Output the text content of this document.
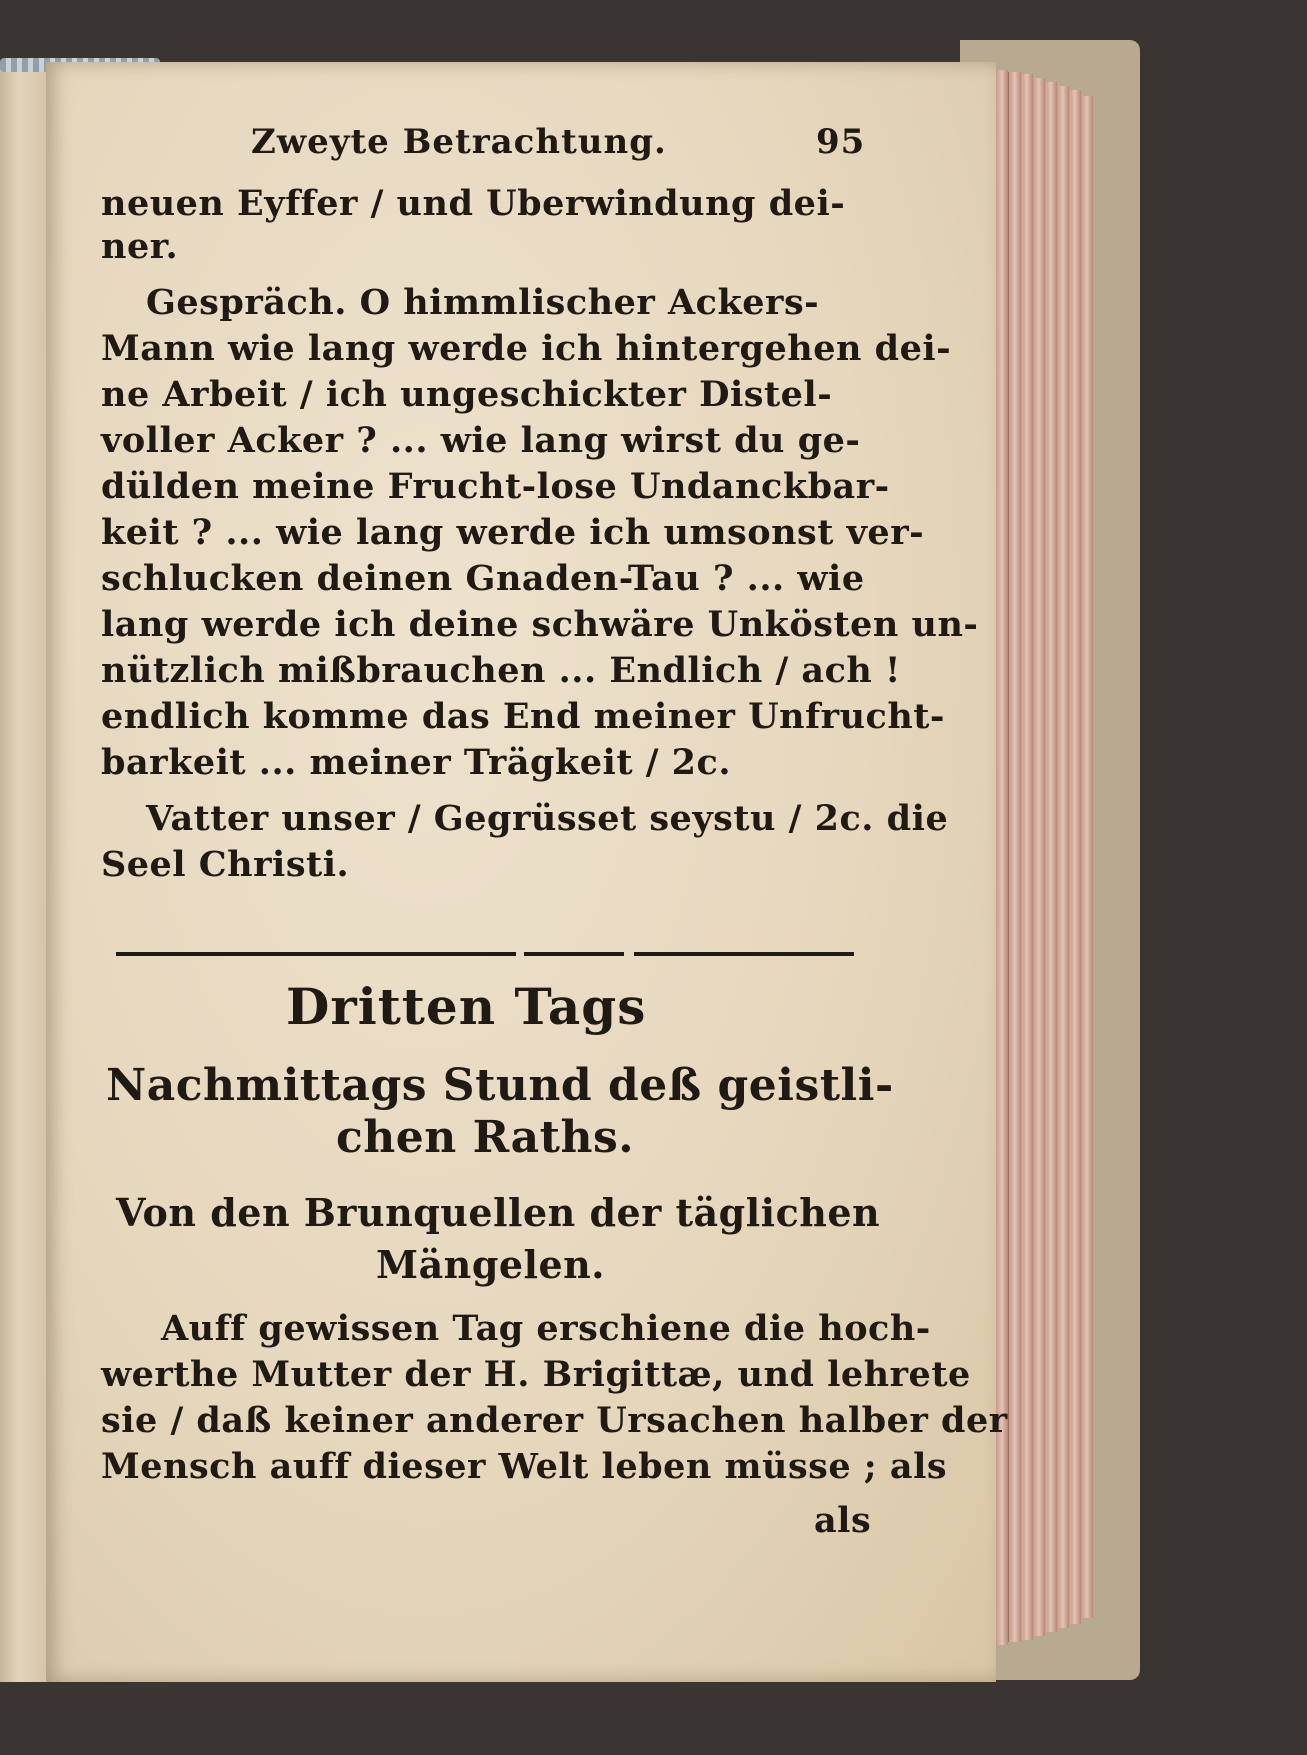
Zweyte Betrachtung.	95
neuen Eyffer / und Uberwindung dei-
ner.
Gespräch. O himmlischer Ackers-
Mann wie lang werde ich hintergehen dei-
ne Arbeit / ich ungeschickter Distel-
voller Acker ? ... wie lang wirst du ge-
dülden meine Frucht-lose Undanckbar-
keit ? ... wie lang werde ich umsonst ver-
schlucken deinen Gnaden-Tau ? ... wie
lang werde ich deine schwäre Unkösten un-
nützlich mißbrauchen ... Endlich / ach !
endlich komme das End meiner Unfrucht-
barkeit ... meiner Trägkeit / 2c.
Vatter unser / Gegrüsset seystu / 2c. die
Seel Christi.
Dritten Tags
Nachmittags Stund deß geistli-
chen Raths.
Von den Brunquellen der täglichen
Mängelen.
Auff gewissen Tag erschiene die hoch-
werthe Mutter der H. Brigittæ, und lehrete
sie / daß keiner anderer Ursachen halber der
Mensch auff dieser Welt leben müsse ; als
als
